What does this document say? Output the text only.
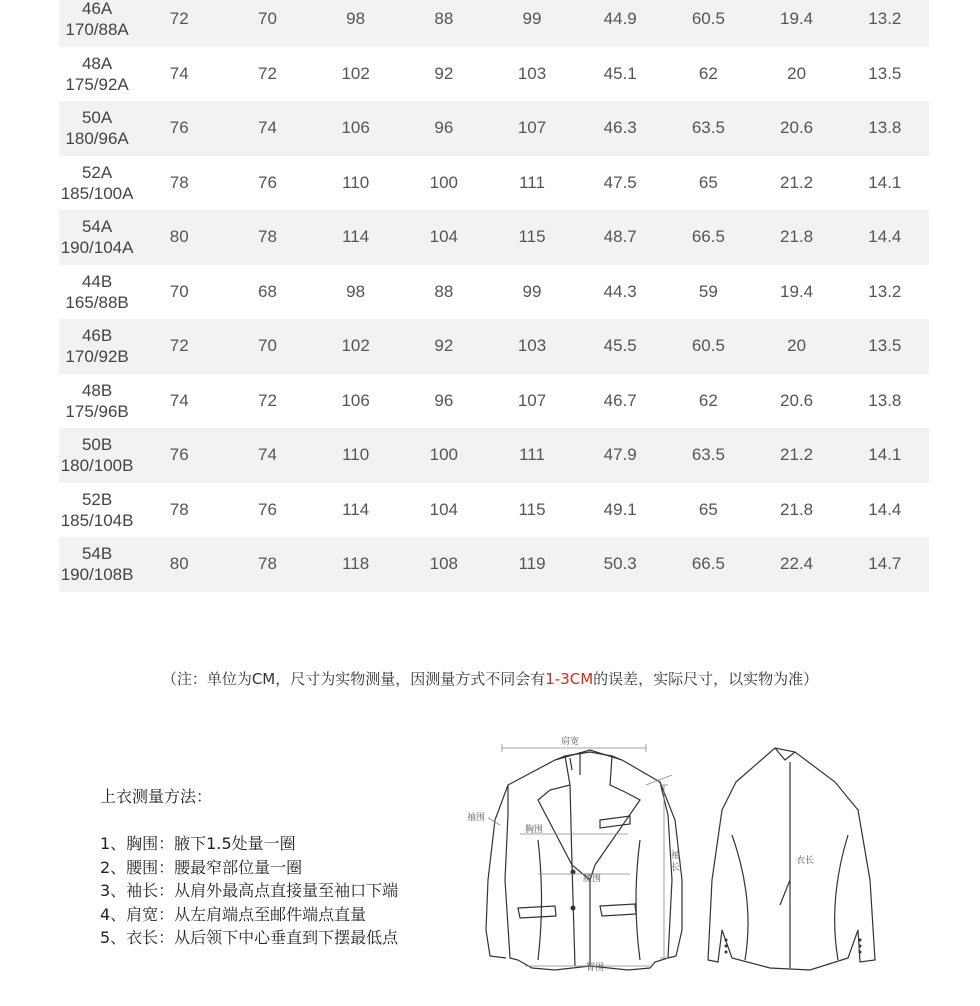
46A
170/88A	72	70	98	88	99	44.9	60.5	19.4	13.2

48A
175/92A	74	72	102	92	103	45.1	62	20	13.5

50A
180/96A	76	74	106	96	107	46.3	63.5	20.6	13.8

52A
185/100A	78	76	110	100	111	47.5	65	21.2	14.1

54A
190/104A	80	78	114	104	115	48.7	66.5	21.8	14.4

44B
165/88B	70	68	98	88	99	44.3	59	19.4	13.2

46B
170/92B	72	70	102	92	103	45.5	60.5	20	13.5

48B
175/96B	74	72	106	96	107	46.7	62	20.6	13.8

50B
180/100B	76	74	110	100	111	47.9	63.5	21.2	14.1

52B
185/104B	78	76	114	104	115	49.1	65	21.8	14.4

54B
190/108B	80	78	118	108	119	50.3	66.5	22.4	14.7
（注：单位为CM，尺寸为实物测量，因测量方式不同会有1-3CM的误差，实际尺寸，以实物为准）
上衣测量方法：
1、胸围：腋下1.5处量一圈
2、腰围：腰最窄部位量一圈
3、袖长：从肩外最高点直接量至袖口下端
4、肩宽：从左肩端点至邮件端点直量
5、衣长：从后领下中心垂直到下摆最低点
肩宽
袖围
胸围
腰围
臀围
衣长
袖
长
